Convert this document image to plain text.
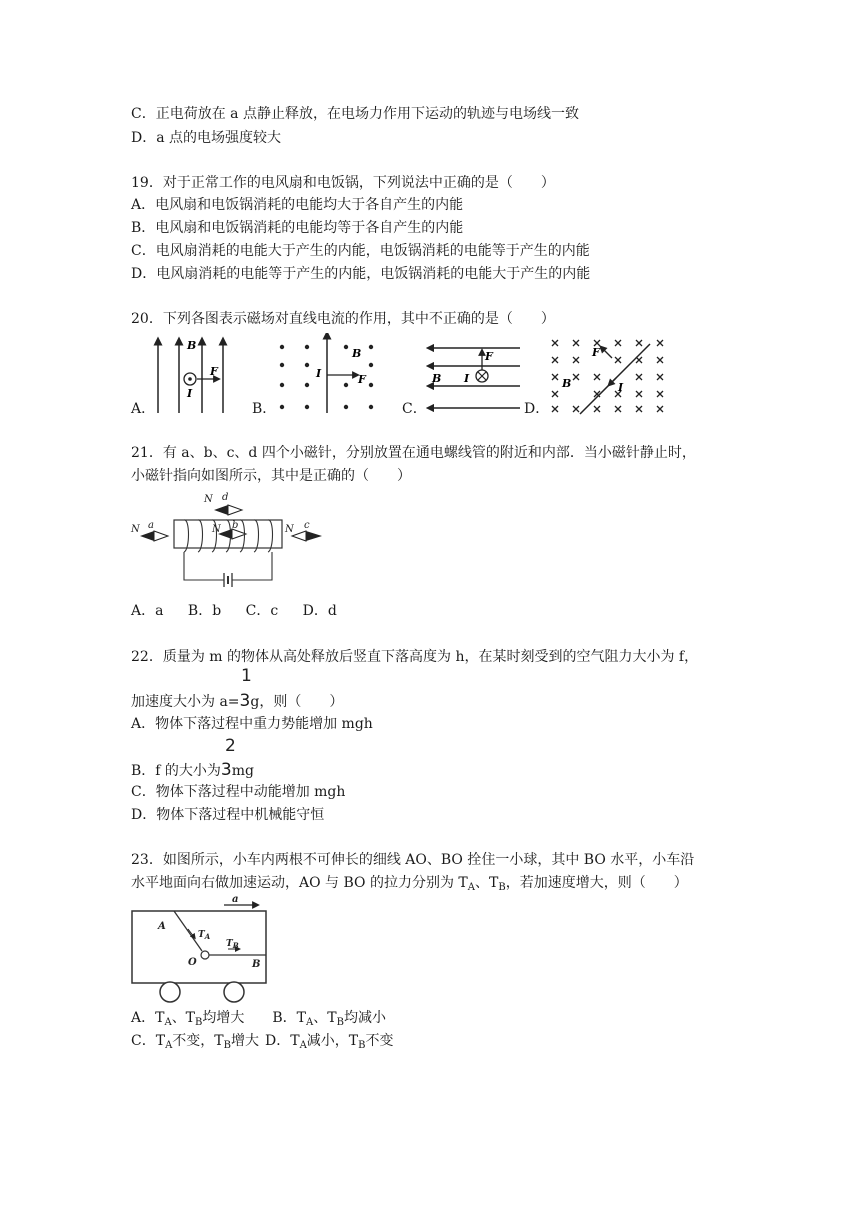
C．正电荷放在 a 点静止释放，在电场力作用下运动的轨迹与电场线一致
D．a 点的电场强度较大
19．对于正常工作的电风扇和电饭锅，下列说法中正确的是（　　）
A．电风扇和电饭锅消耗的电能均大于各自产生的内能
B．电风扇和电饭锅消耗的电能均等于各自产生的内能
C．电风扇消耗的电能大于产生的内能，电饭锅消耗的电能等于产生的内能
D．电风扇消耗的电能等于产生的内能，电饭锅消耗的电能大于产生的内能
20．下列各图表示磁场对直线电流的作用，其中不正确的是（　　）
A．	B．	C．	D．
B
I
F
B
I	F	B I
F	F
B	I
21．有 a、b、c、d 四个小磁针，分别放置在通电螺线管的附近和内部．当小磁针静止时，
小磁针指向如图所示，其中是正确的（　　）
N a	N b	N c
N d
A．a B．b C．c D．d
22．质量为 m 的物体从高处释放后竖直下落高度为 h，在某时刻受到的空气阻力大小为 f，
1
加速度大小为 a=3g，则（　　）
A．物体下落过程中重力势能增加 mgh
2
B．f 的大小为3mg
C．物体下落过程中动能增加 mgh
D．物体下落过程中机械能守恒
23．如图所示，小车内两根不可伸长的细线 AO、BO 拴住一小球，其中 BO 水平，小车沿
水平地面向右做加速运动，AO 与 BO 的拉力分别为 $T_A$、$T_B$，若加速度增大，则（　　）
a
A
$T_A$
$T_B$
O	B
A．$T_A$、$T_B$均增大 B．$T_A$、$T_B$均减小
C．$T_A$不变，$T_B$增大 D．$T_A$减小，$T_B$不变
